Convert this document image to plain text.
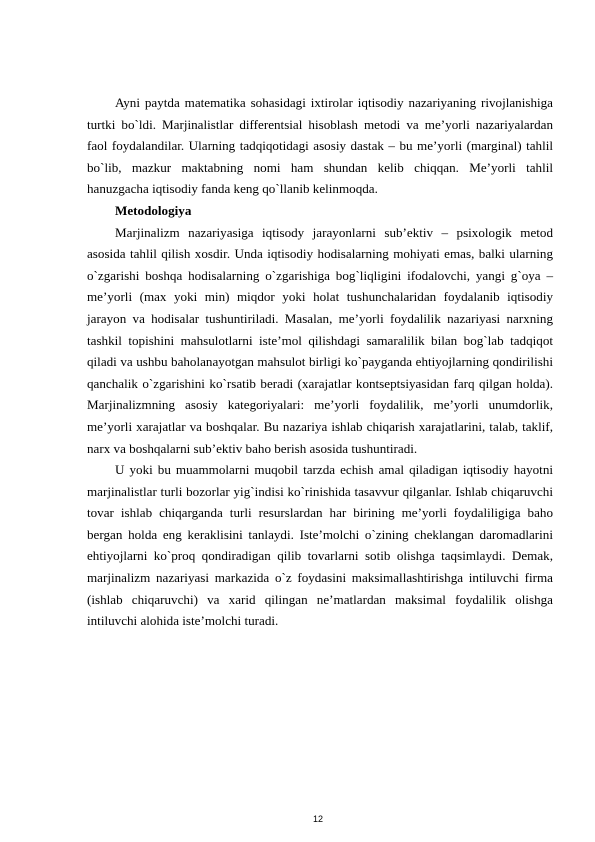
Ayni paytda matematika sohasidagi ixtirolar iqtisodiy nazariyaning rivojlanishiga turtki bo`ldi. Marjinalistlar differentsial hisoblash metodi va me’yorli nazariyalardan faol foydalandilar. Ularning tadqiqotidagi asosiy dastak – bu me’yorli (marginal) tahlil bo`lib, mazkur maktabning nomi ham shundan kelib chiqqan. Me’yorli tahlil hanuzgacha iqtisodiy fanda keng qo`llanib kelinmoqda.

Metodologiya

Marjinalizm nazariyasiga iqtisody jarayonlarni sub’ektiv – psixologik metod asosida tahlil qilish xosdir. Unda iqtisodiy hodisalarning mohiyati emas, balki ularning o`zgarishi boshqa hodisalarning o`zgarishiga bog`liqligini ifodalovchi, yangi g`oya – me’yorli (max yoki min) miqdor yoki holat tushunchalaridan foydalanib iqtisodiy jarayon va hodisalar tushuntiriladi. Masalan, me’yorli foydalilik nazariyasi narxning tashkil topishini mahsulotlarni iste’mol qilishdagi samaralilik bilan bog`lab tadqiqot qiladi va ushbu baholanayotgan mahsulot birligi ko`payganda ehtiyojlarning qondirilishi qanchalik o`zgarishini ko`rsatib beradi (xarajatlar kontseptsiyasidan farq qilgan holda). Marjinalizmning asosiy kategoriyalari: me’yorli foydalilik, me’yorli unumdorlik, me’yorli xarajatlar va boshqalar. Bu nazariya ishlab chiqarish xarajatlarini, talab, taklif, narx va boshqalarni sub’ektiv baho berish asosida tushuntiradi.

U yoki bu muammolarni muqobil tarzda echish amal qiladigan iqtisodiy hayotni marjinalistlar turli bozorlar yig`indisi ko`rinishida tasavvur qilganlar. Ishlab chiqaruvchi tovar ishlab chiqarganda turli resurslardan har birining me’yorli foydaliligiga baho bergan holda eng keraklisini tanlaydi. Iste’molchi o`zining cheklangan daromadlarini ehtiyojlarni ko`proq qondiradigan qilib tovarlarni sotib olishga taqsimlaydi. Demak, marjinalizm nazariyasi markazida o`z foydasini maksimallashtirishga intiluvchi firma (ishlab chiqaruvchi) va xarid qilingan ne’matlardan maksimal foydalilik olishga intiluvchi alohida iste’molchi turadi.

12
